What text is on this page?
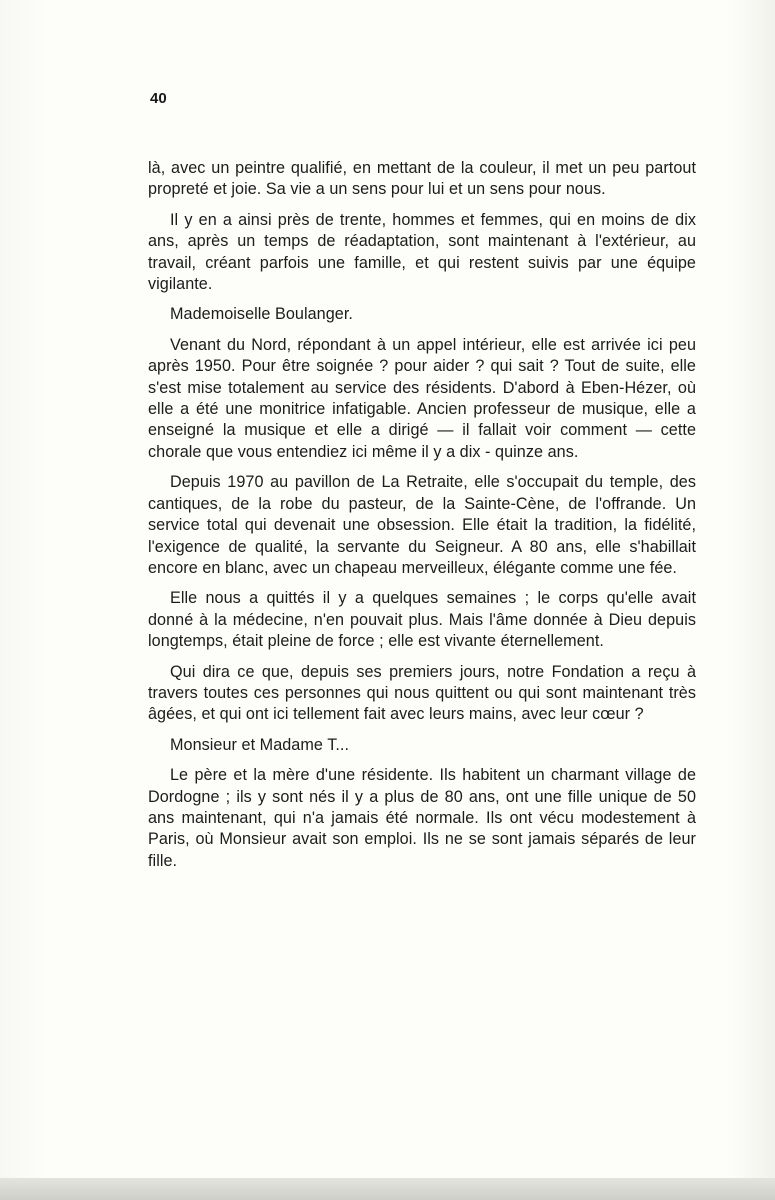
40

là, avec un peintre qualifié, en mettant de la couleur, il met un peu partout propreté et joie. Sa vie a un sens pour lui et un sens pour nous.

Il y en a ainsi près de trente, hommes et femmes, qui en moins de dix ans, après un temps de réadaptation, sont maintenant à l'extérieur, au travail, créant parfois une famille, et qui restent suivis par une équipe vigilante.

Mademoiselle Boulanger.

Venant du Nord, répondant à un appel intérieur, elle est arrivée ici peu après 1950. Pour être soignée ? pour aider ? qui sait ? Tout de suite, elle s'est mise totalement au service des résidents. D'abord à Eben-Hézer, où elle a été une monitrice infatigable. Ancien professeur de musique, elle a enseigné la musique et elle a dirigé — il fallait voir comment — cette chorale que vous entendiez ici même il y a dix - quinze ans.

Depuis 1970 au pavillon de La Retraite, elle s'occupait du temple, des cantiques, de la robe du pasteur, de la Sainte-Cène, de l'offrande. Un service total qui devenait une obsession. Elle était la tradition, la fidélité, l'exigence de qualité, la servante du Seigneur. A 80 ans, elle s'habillait encore en blanc, avec un chapeau merveilleux, élégante comme une fée.

Elle nous a quittés il y a quelques semaines ; le corps qu'elle avait donné à la médecine, n'en pouvait plus. Mais l'âme donnée à Dieu depuis longtemps, était pleine de force ; elle est vivante éternellement.

Qui dira ce que, depuis ses premiers jours, notre Fondation a reçu à travers toutes ces personnes qui nous quittent ou qui sont maintenant très âgées, et qui ont ici tellement fait avec leurs mains, avec leur cœur ?

Monsieur et Madame T...

Le père et la mère d'une résidente. Ils habitent un charmant village de Dordogne ; ils y sont nés il y a plus de 80 ans, ont une fille unique de 50 ans maintenant, qui n'a jamais été normale. Ils ont vécu modestement à Paris, où Monsieur avait son emploi. Ils ne se sont jamais séparés de leur fille.
